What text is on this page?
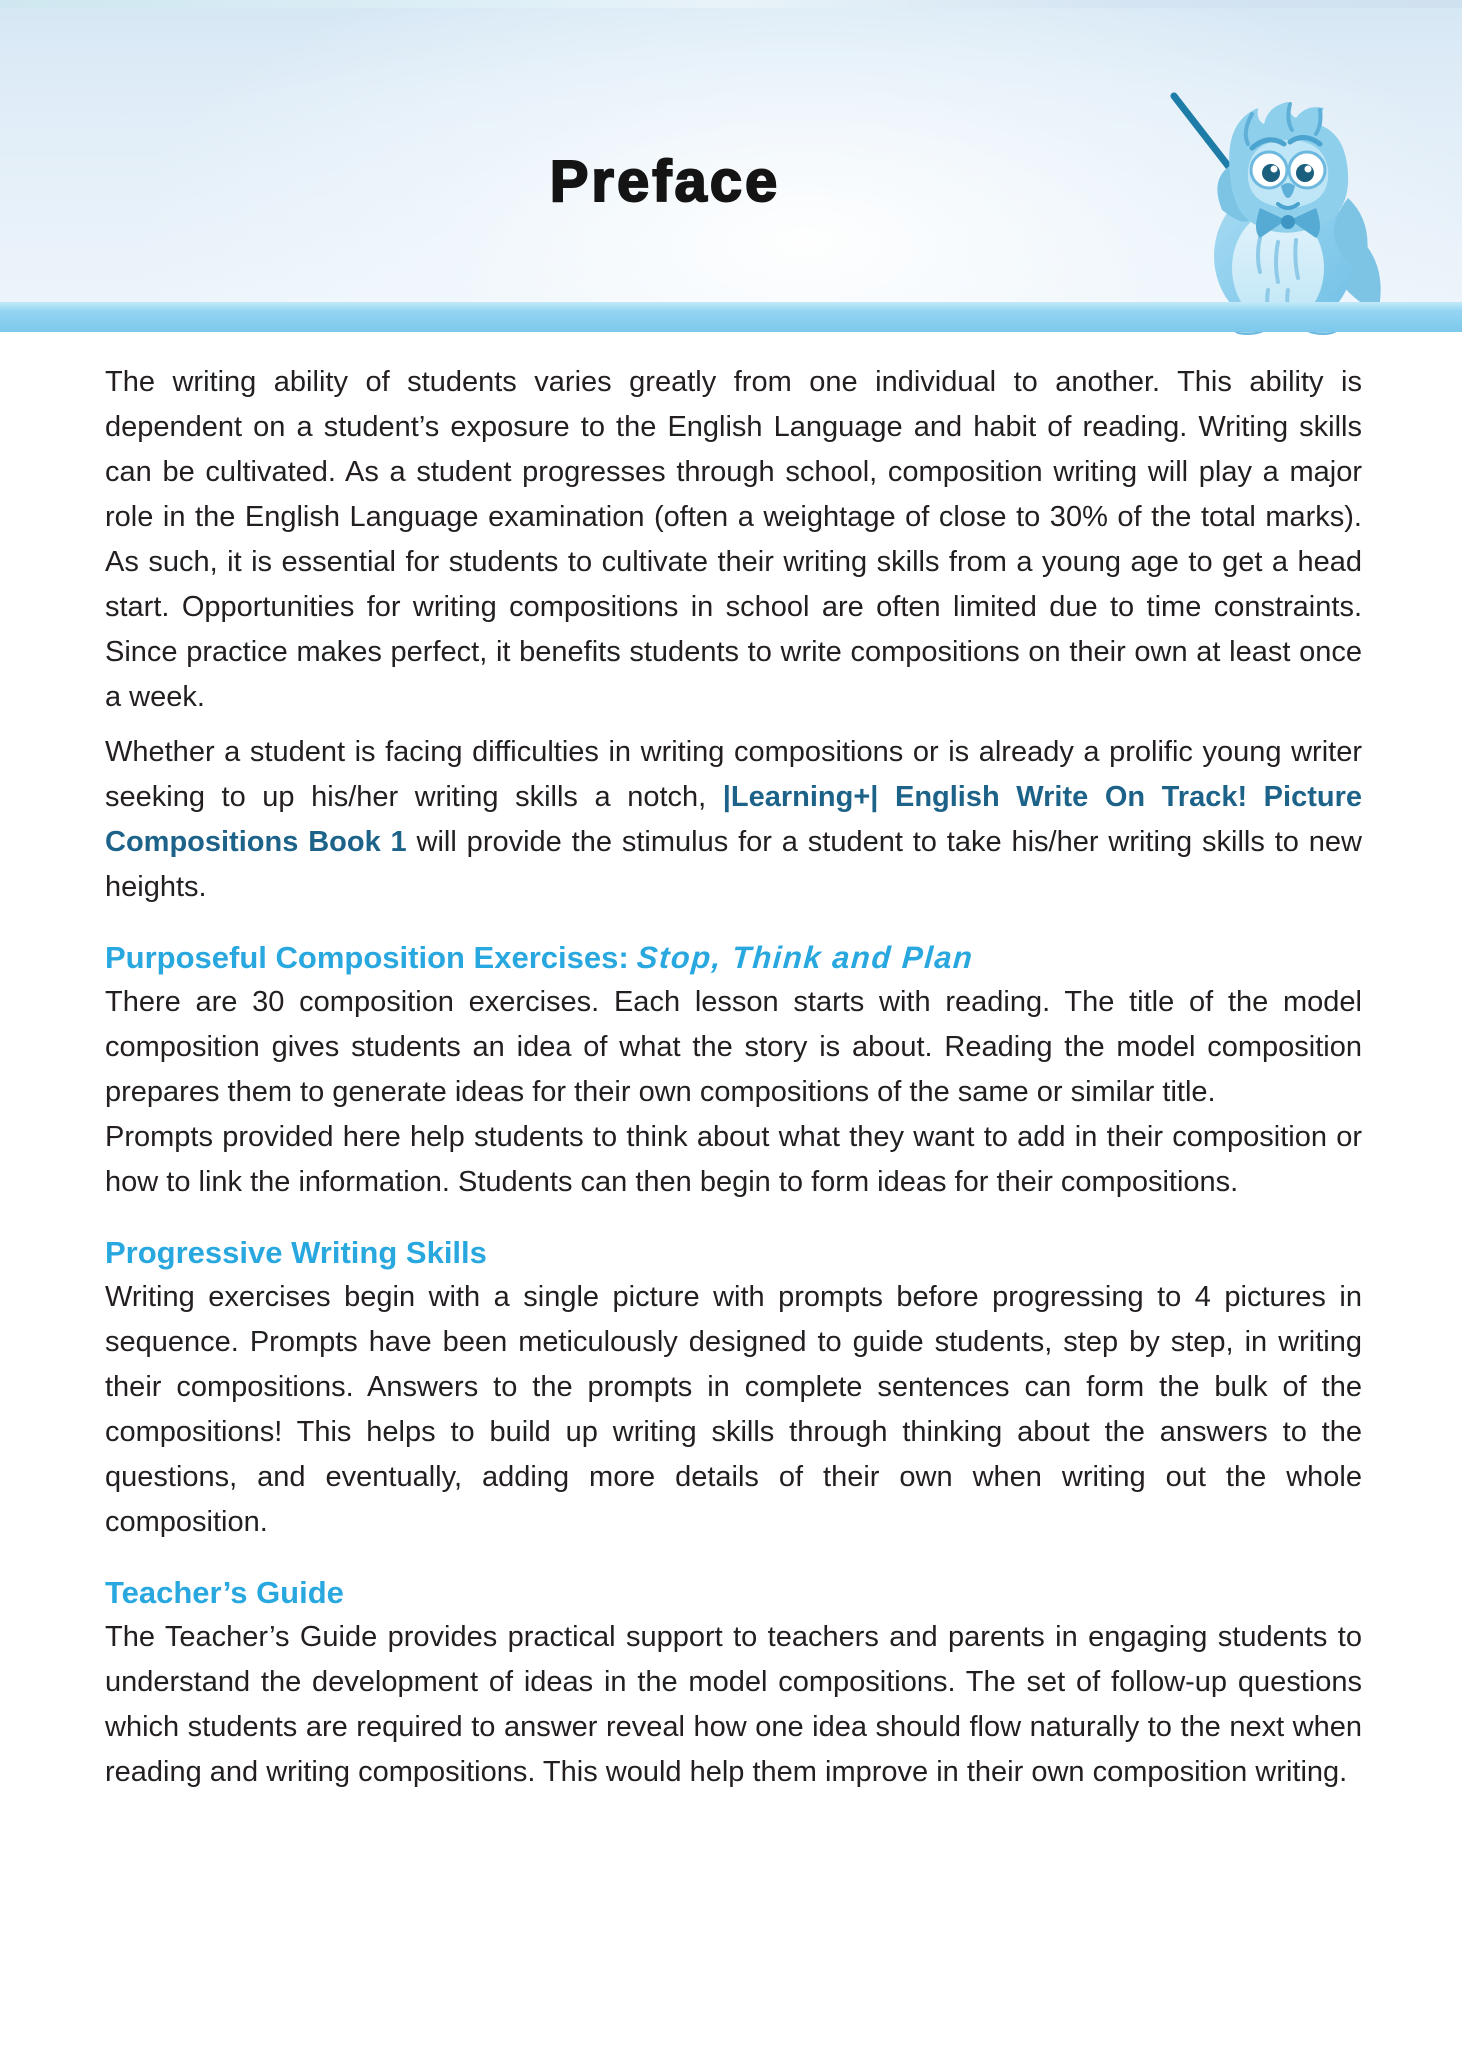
Preface

The writing ability of students varies greatly from one individual to another. This ability is dependent on a student’s exposure to the English Language and habit of reading. Writing skills can be cultivated. As a student progresses through school, composition writing will play a major role in the English Language examination (often a weightage of close to 30% of the total marks). As such, it is essential for students to cultivate their writing skills from a young age to get a head start. Opportunities for writing compositions in school are often limited due to time constraints. Since practice makes perfect, it benefits students to write compositions on their own at least once a week.

Whether a student is facing difficulties in writing compositions or is already a prolific young writer seeking to up his/her writing skills a notch, |Learning+| English Write On Track! Picture Compositions Book 1 will provide the stimulus for a student to take his/her writing skills to new heights.

Purposeful Composition Exercises: Stop, Think and Plan

There are 30 composition exercises. Each lesson starts with reading. The title of the model composition gives students an idea of what the story is about. Reading the model composition prepares them to generate ideas for their own compositions of the same or similar title.

Prompts provided here help students to think about what they want to add in their composition or how to link the information. Students can then begin to form ideas for their compositions.

Progressive Writing Skills

Writing exercises begin with a single picture with prompts before progressing to 4 pictures in sequence. Prompts have been meticulously designed to guide students, step by step, in writing their compositions. Answers to the prompts in complete sentences can form the bulk of the compositions! This helps to build up writing skills through thinking about the answers to the questions, and eventually, adding more details of their own when writing out the whole composition.

Teacher’s Guide

The Teacher’s Guide provides practical support to teachers and parents in engaging students to understand the development of ideas in the model compositions. The set of follow-up questions which students are required to answer reveal how one idea should flow naturally to the next when reading and writing compositions. This would help them improve in their own composition writing.
